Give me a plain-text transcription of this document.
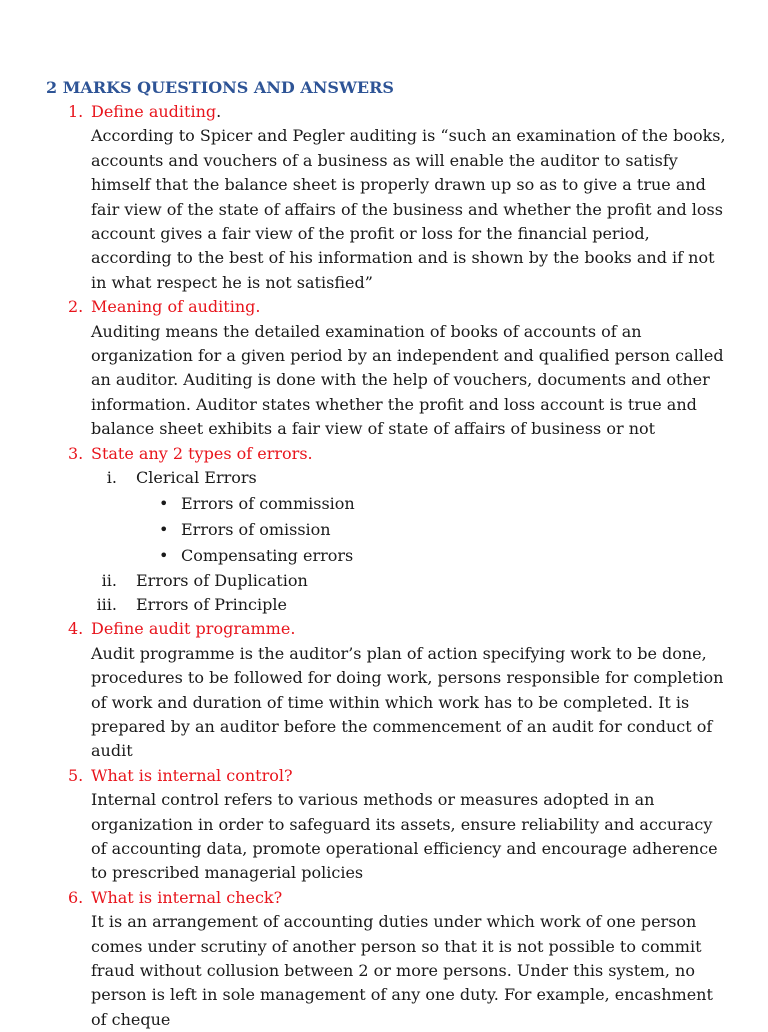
2 MARKS QUESTIONS AND ANSWERS
1. Define auditing.

According to Spicer and Pegler auditing is “such an examination of the books, accounts and vouchers of a business as will enable the auditor to satisfy himself that the balance sheet is properly drawn up so as to give a true and fair view of the state of affairs of the business and whether the profit and loss account gives a fair view of the profit or loss for the financial period, according to the best of his information and is shown by the books and if not in what respect he is not satisfied”

2. Meaning of auditing.

Auditing means the detailed examination of books of accounts of an organization for a given period by an independent and qualified person called an auditor. Auditing is done with the help of vouchers, documents and other information. Auditor states whether the profit and loss account is true and balance sheet exhibits a fair view of state of affairs of business or not

3. State any 2 types of errors.
i. Clerical Errors
• Errors of commission
• Errors of omission
• Compensating errors
ii. Errors of Duplication
iii. Errors of Principle
4. Define audit programme.

Audit programme is the auditor’s plan of action specifying work to be done, procedures to be followed for doing work, persons responsible for completion of work and duration of time within which work has to be completed. It is prepared by an auditor before the commencement of an audit for conduct of audit

5. What is internal control?

Internal control refers to various methods or measures adopted in an organization in order to safeguard its assets, ensure reliability and accuracy of accounting data, promote operational efficiency and encourage adherence to prescribed managerial policies

6. What is internal check?

It is an arrangement of accounting duties under which work of one person comes under scrutiny of another person so that it is not possible to commit fraud without collusion between 2 or more persons. Under this system, no person is left in sole management of any one duty. For example, encashment of cheque
